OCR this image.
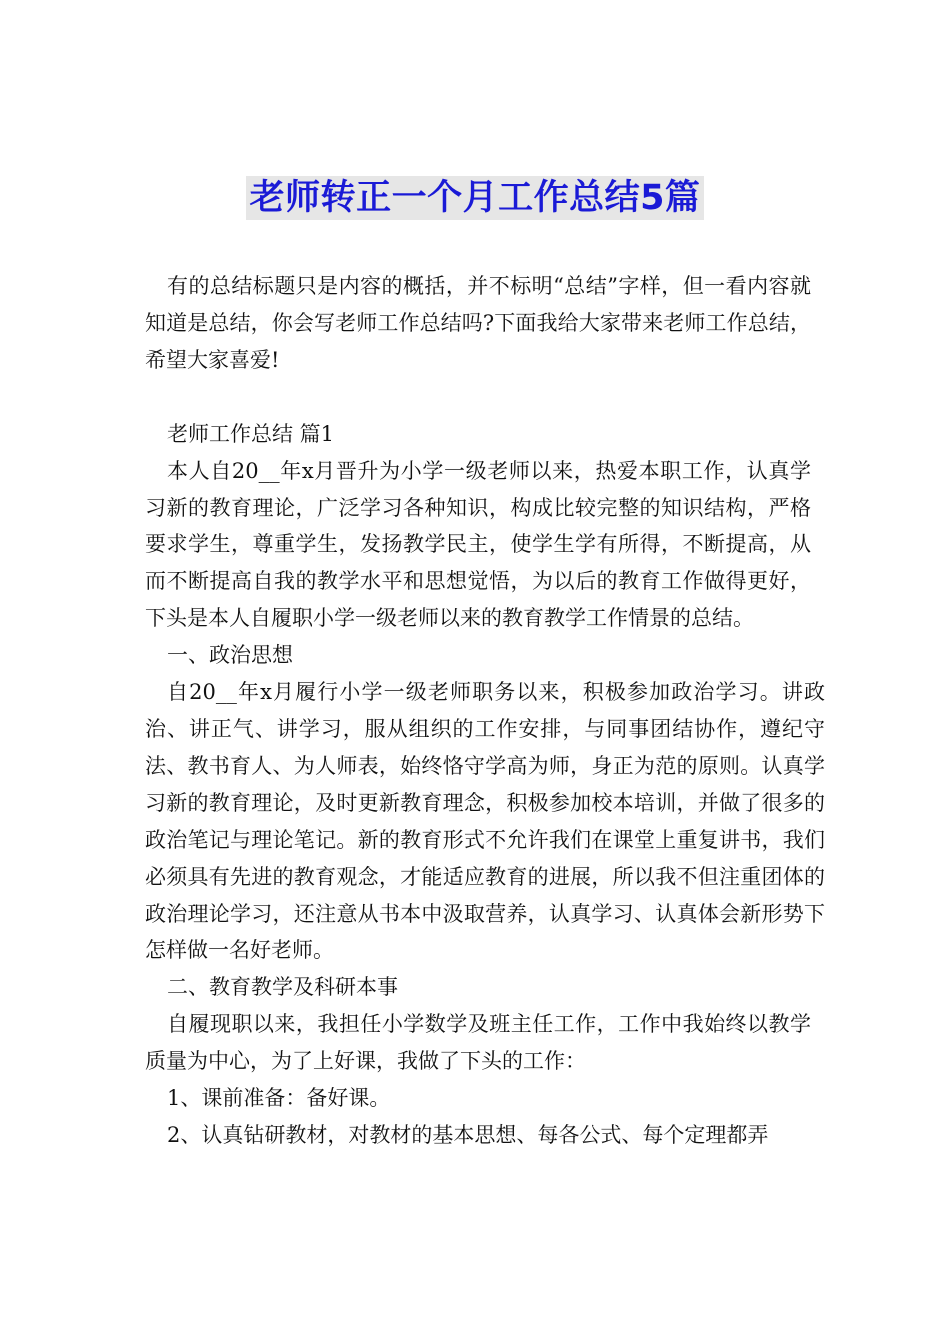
老师转正一个月工作总结5篇

有的总结标题只是内容的概括，并不标明“总结”字样，但一看内容就知道是总结，你会写老师工作总结吗?下面我给大家带来老师工作总结，希望大家喜爱!

老师工作总结 篇1

本人自20__年x月晋升为小学一级老师以来，热爱本职工作，认真学习新的教育理论，广泛学习各种知识，构成比较完整的知识结构，严格要求学生，尊重学生，发扬教学民主，使学生学有所得，不断提高，从而不断提高自我的教学水平和思想觉悟，为以后的教育工作做得更好，下头是本人自履职小学一级老师以来的教育教学工作情景的总结。

一、政治思想

自20__年x月履行小学一级老师职务以来，积极参加政治学习。讲政治、讲正气、讲学习，服从组织的工作安排，与同事团结协作，遵纪守法、教书育人、为人师表，始终恪守学高为师，身正为范的原则。认真学习新的教育理论，及时更新教育理念，积极参加校本培训，并做了很多的政治笔记与理论笔记。新的教育形式不允许我们在课堂上重复讲书，我们必须具有先进的教育观念，才能适应教育的进展，所以我不但注重团体的政治理论学习，还注意从书本中汲取营养，认真学习、认真体会新形势下怎样做一名好老师。

二、教育教学及科研本事

自履现职以来，我担任小学数学及班主任工作，工作中我始终以教学质量为中心，为了上好课，我做了下头的工作：

1、课前准备：备好课。

2、认真钻研教材，对教材的基本思想、每各公式、每个定理都弄
